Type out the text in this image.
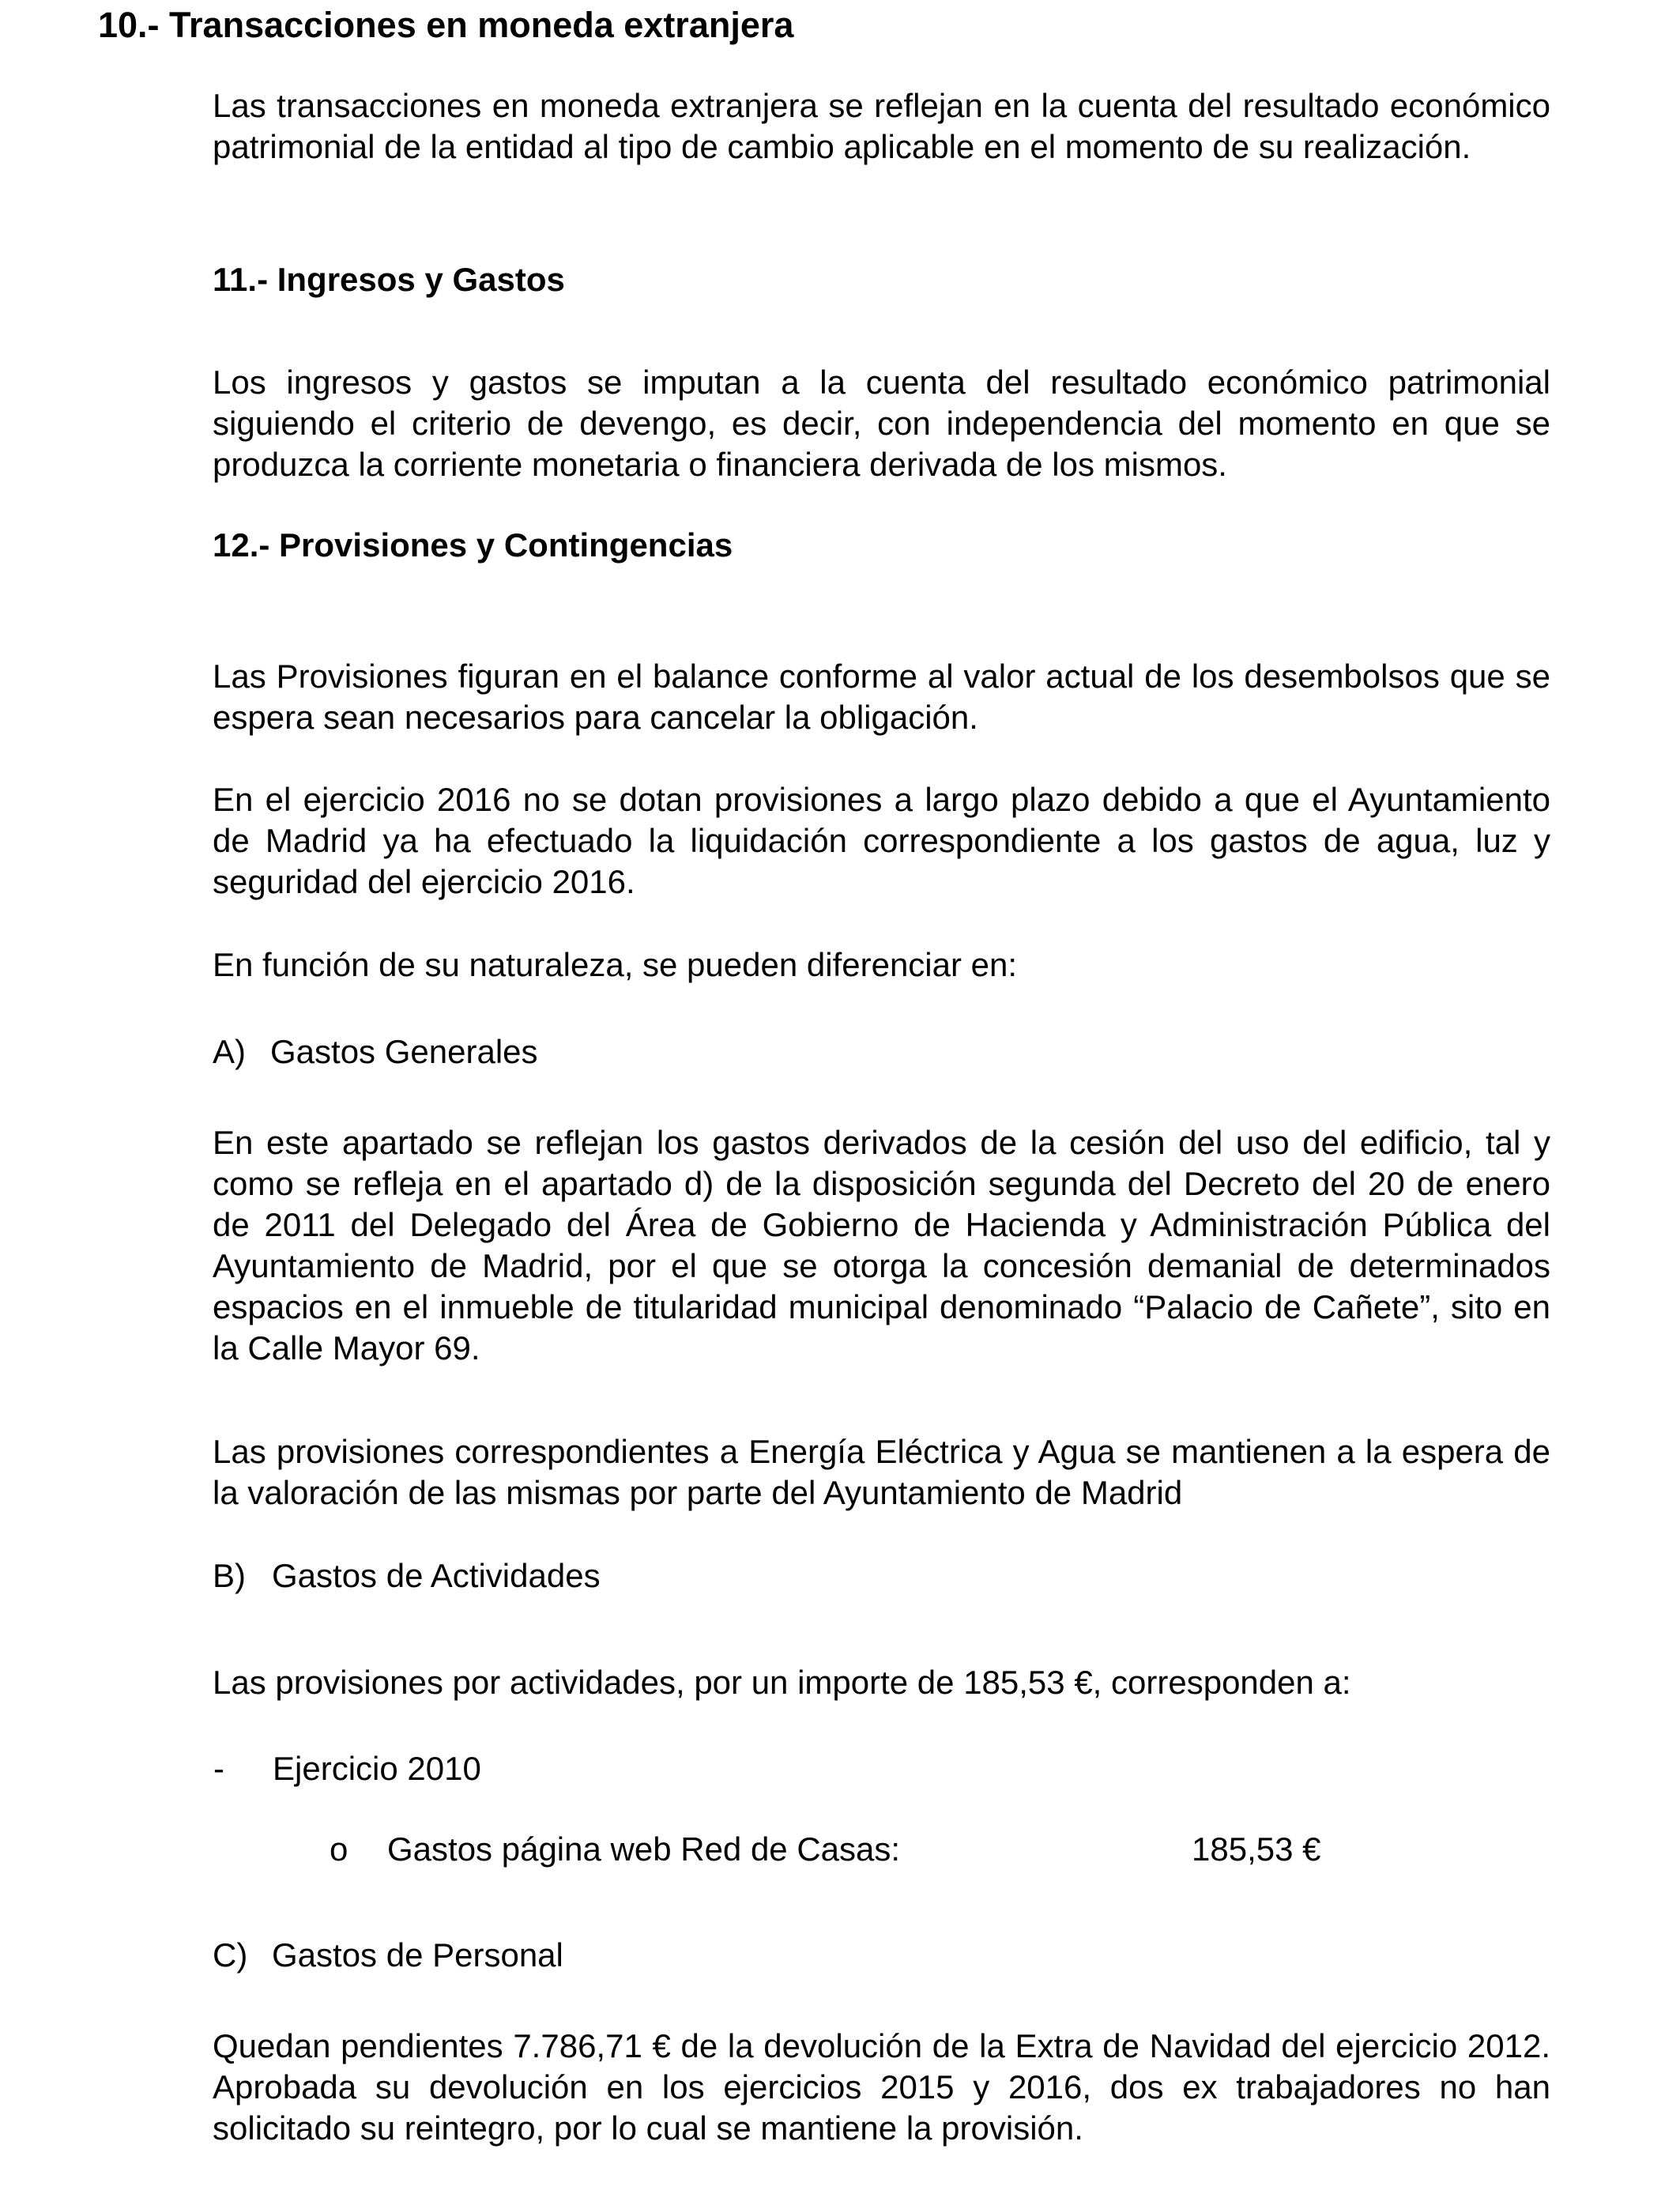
10.- Transacciones en moneda extranjera

Las transacciones en moneda extranjera se reflejan en la cuenta del resultado económico patrimonial de la entidad al tipo de cambio aplicable en el momento de su realización.

11.- Ingresos y Gastos

Los ingresos y gastos se imputan a la cuenta del resultado económico patrimonial siguiendo el criterio de devengo, es decir, con independencia del momento en que se produzca la corriente monetaria o financiera derivada de los mismos.

12.- Provisiones y Contingencias

Las Provisiones figuran en el balance conforme al valor actual de los desembolsos que se espera sean necesarios para cancelar la obligación.

En el ejercicio 2016 no se dotan provisiones a largo plazo debido a que el Ayuntamiento de Madrid ya ha efectuado la liquidación correspondiente a los gastos de agua, luz y seguridad del ejercicio 2016.

En función de su naturaleza, se pueden diferenciar en:
A) Gastos Generales

En este apartado se reflejan los gastos derivados de la cesión del uso del edificio, tal y como se refleja en el apartado d) de la disposición segunda del Decreto del 20 de enero de 2011 del Delegado del Área de Gobierno de Hacienda y Administración Pública del Ayuntamiento de Madrid, por el que se otorga la concesión demanial de determinados espacios en el inmueble de titularidad municipal denominado “Palacio de Cañete”, sito en la Calle Mayor 69.

Las provisiones correspondientes a Energía Eléctrica y Agua se mantienen a la espera de la valoración de las mismas por parte del Ayuntamiento de Madrid

B) Gastos de Actividades
Las provisiones por actividades, por un importe de 185,53 €, corresponden a:
- Ejercicio 2010
o Gastos página web Red de Casas:	185,53 €
C) Gastos de Personal

Quedan pendientes 7.786,71 € de la devolución de la Extra de Navidad del ejercicio 2012. Aprobada su devolución en los ejercicios 2015 y 2016, dos ex trabajadores no han solicitado su reintegro, por lo cual se mantiene la provisión.
